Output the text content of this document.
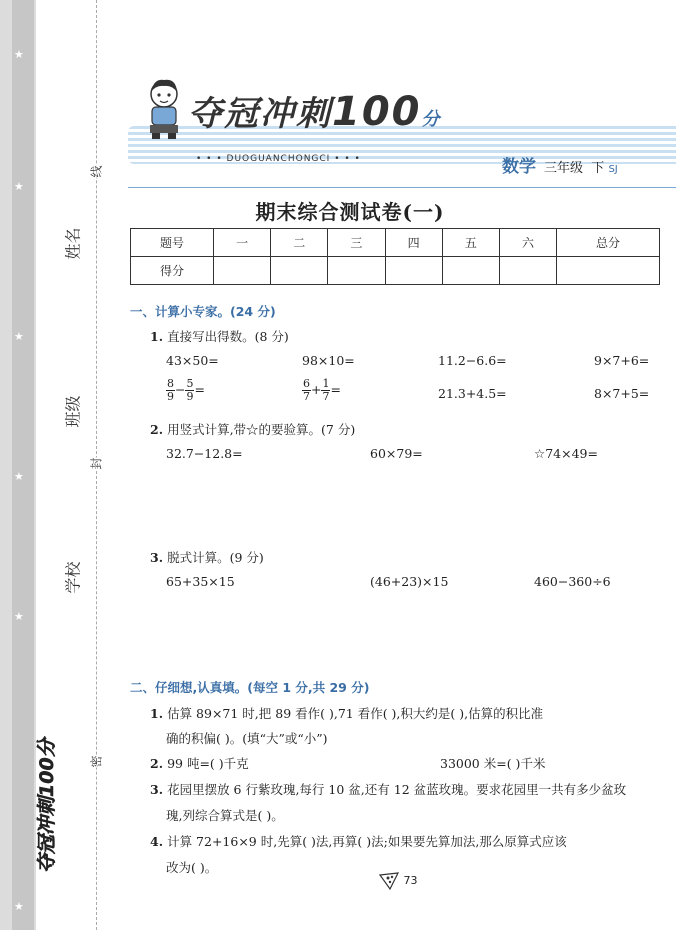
★
★
★
★
★
★
姓名
班级
学校
线
封
密
夺冠冲刺100分
夺冠冲刺100分
• • • DUOGUANCHONGCI • • •	数学 三年级 下 SJ
期末综合测试卷(一)
题号	一	二	三	四	五	六	总分
得分							
一、计算小专家。(24 分)
1. 直接写出得数。(8 分)
43×50=	98×10=	11.2−6.6=	9×7+6=
$\frac{8}{9} - \frac{5}{9}$ =	$\frac{6}{7} + \frac{1}{7}$ =	21.3+4.5=	8×7+5=
2. 用竖式计算,带☆的要验算。(7 分)
32.7−12.8=	60×79=	☆74×49=
3. 脱式计算。(9 分)
65+35×15	(46+23)×15	460−360÷6
二、仔细想,认真填。(每空 1 分,共 29 分)
1. 估算 89×71 时,把 89 看作( ),71 看作( ),积大约是( ),估算的积比准
确的积偏( )。(填“大”或“小”)
2. 99 吨=( )千克	33000 米=( )千米
3. 花园里摆放 6 行紫玫瑰,每行 10 盆,还有 12 盆蓝玫瑰。要求花园里一共有多少盆玫
瑰,列综合算式是( )。
4. 计算 72+16×9 时,先算( )法,再算( )法;如果要先算加法,那么原算式应该
改为( )。
73
